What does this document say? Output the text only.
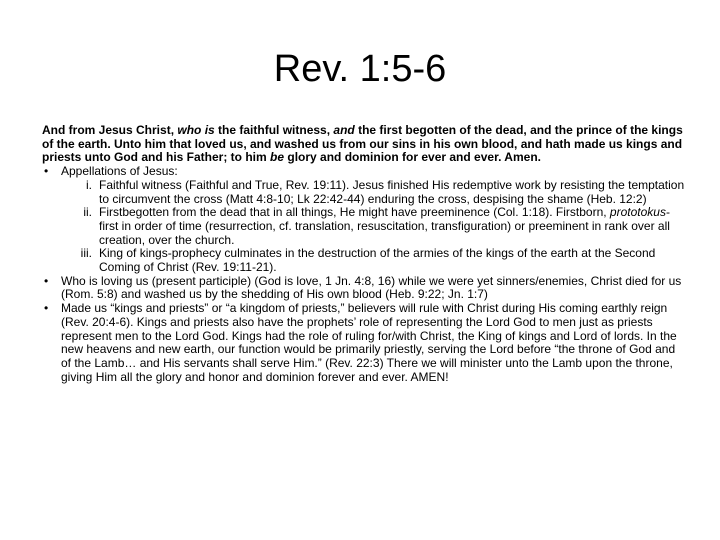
Rev. 1:5-6

And from Jesus Christ, who is the faithful witness, and the first begotten of the dead, and the prince of the kings of the earth. Unto him that loved us, and washed us from our sins in his own blood, and hath made us kings and priests unto God and his Father; to him be glory and dominion for ever and ever. Amen.

• Appellations of Jesus:
i. Faithful witness (Faithful and True, Rev. 19:11). Jesus finished His redemptive work by resisting the temptation to circumvent the cross (Matt 4:8-10; Lk 22:42-44) enduring the cross, despising the shame (Heb. 12:2)
ii. Firstbegotten from the dead that in all things, He might have preeminence (Col. 1:18). Firstborn, prototokus-first in order of time (resurrection, cf. translation, resuscitation, transfiguration) or preeminent in rank over all creation, over the church.
iii. King of kings-prophecy culminates in the destruction of the armies of the kings of the earth at the Second Coming of Christ (Rev. 19:11-21).
• Who is loving us (present participle) (God is love, 1 Jn. 4:8, 16) while we were yet sinners/enemies, Christ died for us (Rom. 5:8) and washed us by the shedding of His own blood (Heb. 9:22; Jn. 1:7)
• Made us “kings and priests” or “a kingdom of priests,” believers will rule with Christ during His coming earthly reign (Rev. 20:4-6). Kings and priests also have the prophets’ role of representing the Lord God to men just as priests represent men to the Lord God. Kings had the role of ruling for/with Christ, the King of kings and Lord of lords. In the new heavens and new earth, our function would be primarily priestly, serving the Lord before “the throne of God and of the Lamb… and His servants shall serve Him.” (Rev. 22:3) There we will minister unto the Lamb upon the throne, giving Him all the glory and honor and dominion forever and ever. AMEN!
